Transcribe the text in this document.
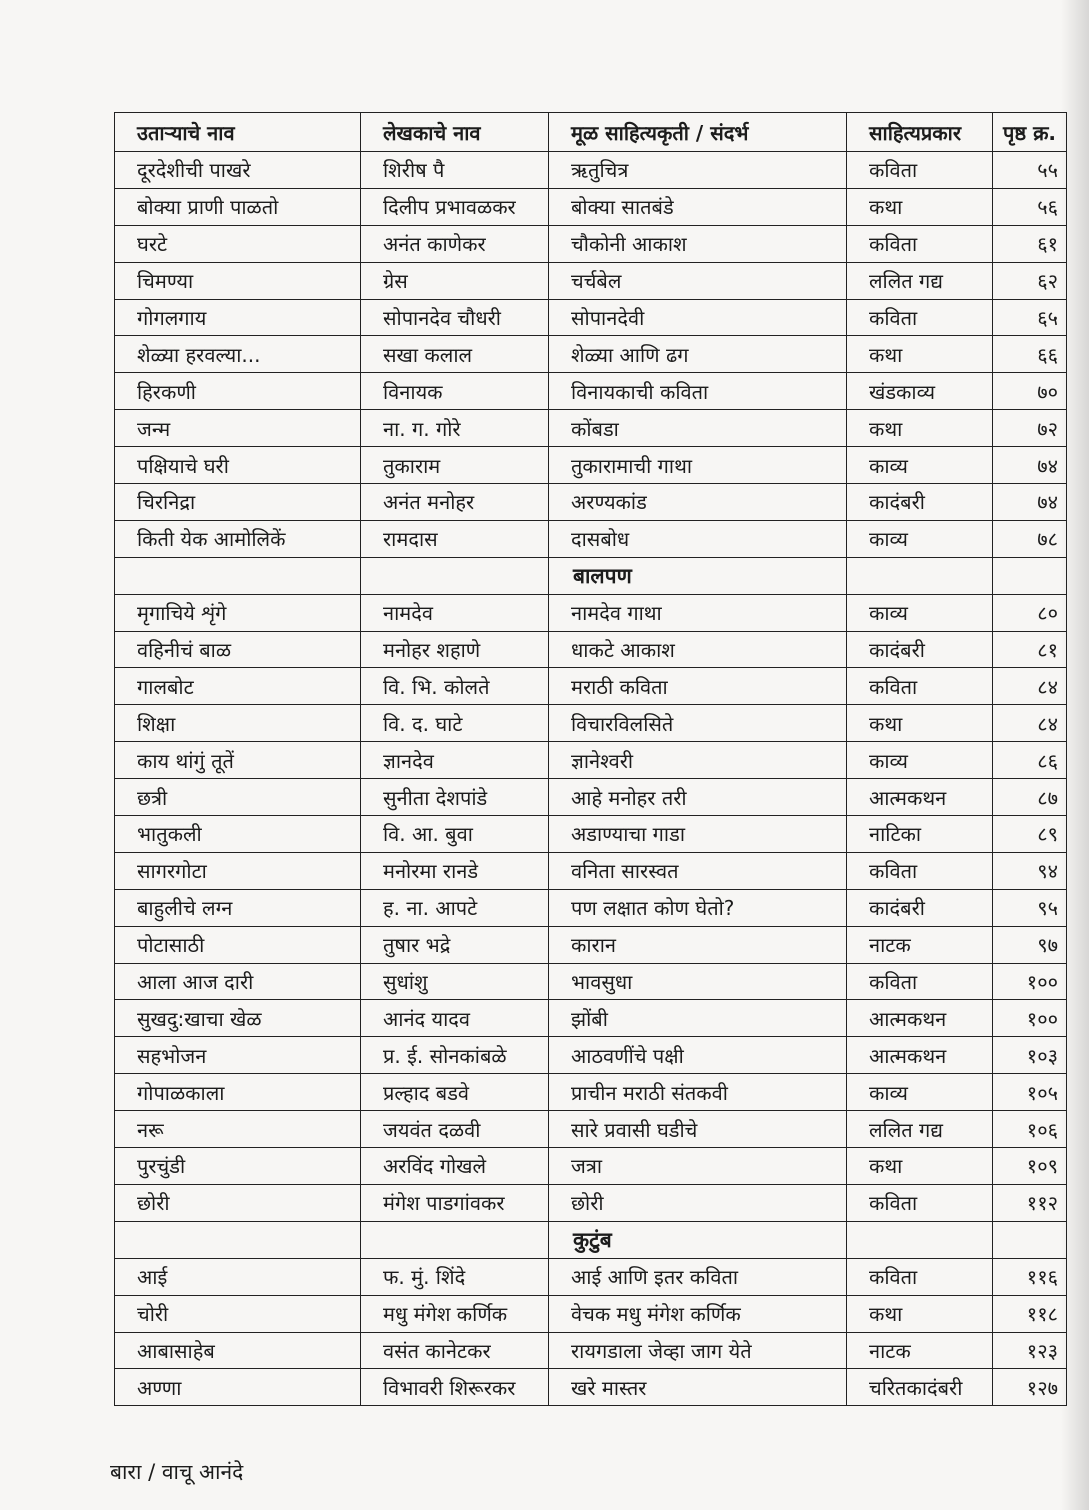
उताऱ्याचे नाव	लेखकाचे नाव	मूळ साहित्यकृती / संदर्भ	साहित्यप्रकार	पृष्ठ क्र.
दूरदेशीची पाखरे	शिरीष पै	ऋतुचित्र	कविता	५५
बोक्या प्राणी पाळतो	दिलीप प्रभावळकर	बोक्या सातबंडे	कथा	५६
घरटे	अनंत काणेकर	चौकोनी आकाश	कविता	६१
चिमण्या	ग्रेस	चर्चबेल	ललित गद्य	६२
गोगलगाय	सोपानदेव चौधरी	सोपानदेवी	कविता	६५
शेळ्या हरवल्या...	सखा कलाल	शेळ्या आणि ढग	कथा	६६
हिरकणी	विनायक	विनायकाची कविता	खंडकाव्य	७०
जन्म	ना. ग. गोरे	कोंबडा	कथा	७२
पक्षियाचे घरी	तुकाराम	तुकारामाची गाथा	काव्य	७४
चिरनिद्रा	अनंत मनोहर	अरण्यकांड	कादंबरी	७४
किती येक आमोलिकें	रामदास	दासबोध	काव्य	७८
		बालपण		
मृगाचिये शृंगे	नामदेव	नामदेव गाथा	काव्य	८०
वहिनीचं बाळ	मनोहर शहाणे	धाकटे आकाश	कादंबरी	८१
गालबोट	वि. भि. कोलते	मराठी कविता	कविता	८४
शिक्षा	वि. द. घाटे	विचारविलसिते	कथा	८४
काय थांगुं तूतें	ज्ञानदेव	ज्ञानेश्वरी	काव्य	८६
छत्री	सुनीता देशपांडे	आहे मनोहर तरी	आत्मकथन	८७
भातुकली	वि. आ. बुवा	अडाण्याचा गाडा	नाटिका	८९
सागरगोटा	मनोरमा रानडे	वनिता सारस्वत	कविता	९४
बाहुलीचे लग्न	ह. ना. आपटे	पण लक्षात कोण घेतो?	कादंबरी	९५
पोटासाठी	तुषार भद्रे	कारान	नाटक	९७
आला आज दारी	सुधांशु	भावसुधा	कविता	१००
सुखदु:खाचा खेळ	आनंद यादव	झोंबी	आत्मकथन	१००
सहभोजन	प्र. ई. सोनकांबळे	आठवणींचे पक्षी	आत्मकथन	१०३
गोपाळकाला	प्रल्हाद बडवे	प्राचीन मराठी संतकवी	काव्य	१०५
नरू	जयवंत दळवी	सारे प्रवासी घडीचे	ललित गद्य	१०६
पुरचुंडी	अरविंद गोखले	जत्रा	कथा	१०९
छोरी	मंगेश पाडगांवकर	छोरी	कविता	११२
		कुटुंब		
आई	फ. मुं. शिंदे	आई आणि इतर कविता	कविता	११६
चोरी	मधु मंगेश कर्णिक	वेचक मधु मंगेश कर्णिक	कथा	११८
आबासाहेब	वसंत कानेटकर	रायगडाला जेव्हा जाग येते	नाटक	१२३
अण्णा	विभावरी शिरूरकर	खरे मास्तर	चरितकादंबरी	१२७
बारा / वाचू आनंदे
